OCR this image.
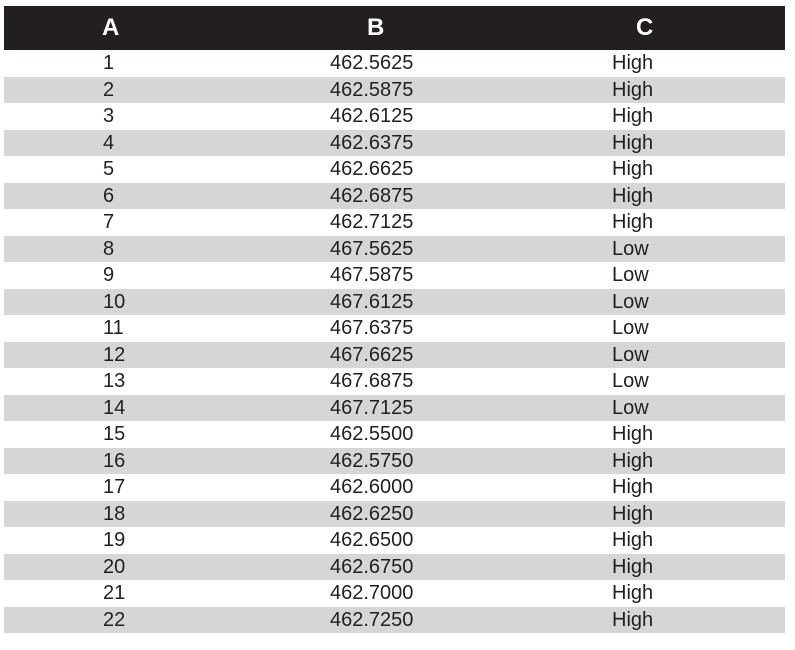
A	B	C
1	462.5625	High
2	462.5875	High
3	462.6125	High
4	462.6375	High
5	462.6625	High
6	462.6875	High
7	462.7125	High
8	467.5625	Low
9	467.5875	Low
10	467.6125	Low
11	467.6375	Low
12	467.6625	Low
13	467.6875	Low
14	467.7125	Low
15	462.5500	High
16	462.5750	High
17	462.6000	High
18	462.6250	High
19	462.6500	High
20	462.6750	High
21	462.7000	High
22	462.7250	High
